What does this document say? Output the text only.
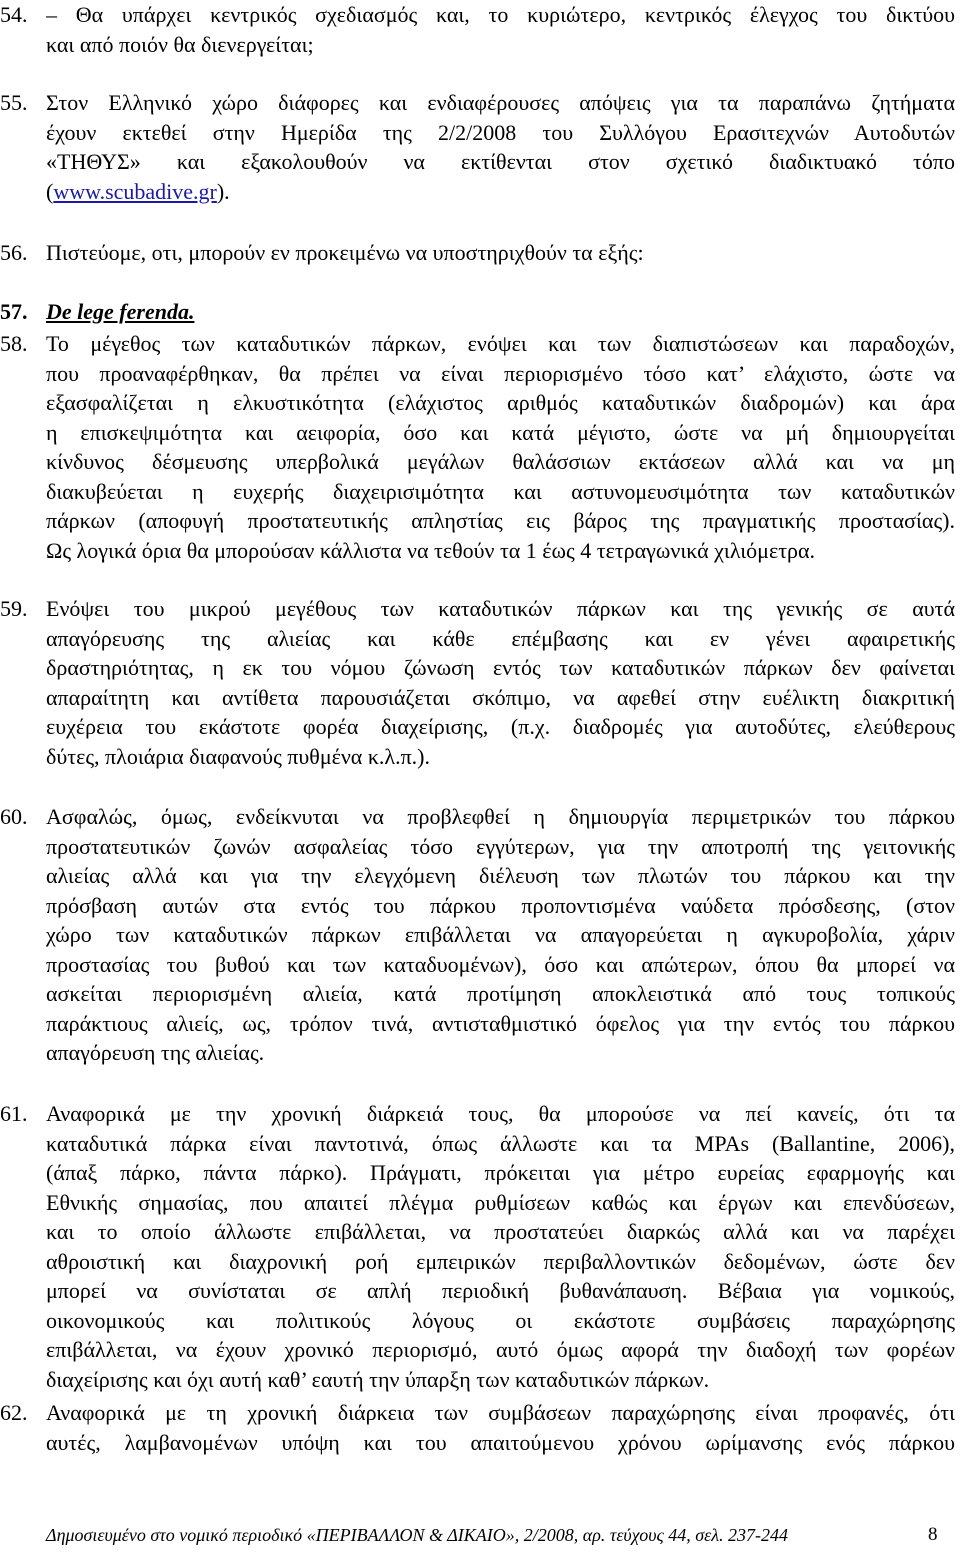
54. – Θα υπάρχει κεντρικός σχεδιασμός και, το κυριώτερο, κεντρικός έλεγχος του δικτύου
και από ποιόν θα διενεργείται;
55. Στον Ελληνικό χώρο διάφορες και ενδιαφέρουσες απόψεις για τα παραπάνω ζητήματα
έχουν εκτεθεί στην Ημερίδα της 2/2/2008 του Συλλόγου Ερασιτεχνών Αυτοδυτών
«ΤΗΘΥΣ» και εξακολουθούν να εκτίθενται στον σχετικό διαδικτυακό τόπο
(www.scubadive.gr).
56. Πιστεύομε, οτι, μπορούν εν προκειμένω να υποστηριχθούν τα εξής:
57. De lege ferenda.
58. Το μέγεθος των καταδυτικών πάρκων, ενόψει και των διαπιστώσεων και παραδοχών,
που προαναφέρθηκαν, θα πρέπει να είναι περιορισμένο τόσο κατ’ ελάχιστο, ώστε να
εξασφαλίζεται η ελκυστικότητα (ελάχιστος αριθμός καταδυτικών διαδρομών) και άρα
η επισκεψιμότητα και αειφορία, όσο και κατά μέγιστο, ώστε να μή δημιουργείται
κίνδυνος δέσμευσης υπερβολικά μεγάλων θαλάσσιων εκτάσεων αλλά και να μη
διακυβεύεται η ευχερής διαχειρισιμότητα και αστυνομευσιμότητα των καταδυτικών
πάρκων (αποφυγή προστατευτικής απληστίας εις βάρος της πραγματικής προστασίας).
Ως λογικά όρια θα μπορούσαν κάλλιστα να τεθούν τα 1 έως 4 τετραγωνικά χιλιόμετρα.
59. Ενόψει του μικρού μεγέθους των καταδυτικών πάρκων και της γενικής σε αυτά
απαγόρευσης της αλιείας και κάθε επέμβασης και εν γένει αφαιρετικής
δραστηριότητας, η εκ του νόμου ζώνωση εντός των καταδυτικών πάρκων δεν φαίνεται
απαραίτητη και αντίθετα παρουσιάζεται σκόπιμο, να αφεθεί στην ευέλικτη διακριτική
ευχέρεια του εκάστοτε φορέα διαχείρισης, (π.χ. διαδρομές για αυτοδύτες, ελεύθερους
δύτες, πλοιάρια διαφανούς πυθμένα κ.λ.π.).
60. Ασφαλώς, όμως, ενδείκνυται να προβλεφθεί η δημιουργία περιμετρικών του πάρκου
προστατευτικών ζωνών ασφαλείας τόσο εγγύτερων, για την αποτροπή της γειτονικής
αλιείας αλλά και για την ελεγχόμενη διέλευση των πλωτών του πάρκου και την
πρόσβαση αυτών στα εντός του πάρκου προποντισμένα ναύδετα πρόσδεσης, (στον
χώρο των καταδυτικών πάρκων επιβάλλεται να απαγορεύεται η αγκυροβολία, χάριν
προστασίας του βυθού και των καταδυομένων), όσο και απώτερων, όπου θα μπορεί να
ασκείται περιορισμένη αλιεία, κατά προτίμηση αποκλειστικά από τους τοπικούς
παράκτιους αλιείς, ως, τρόπον τινά, αντισταθμιστικό όφελος για την εντός του πάρκου
απαγόρευση της αλιείας.
61. Αναφορικά με την χρονική διάρκειά τους, θα μπορούσε να πεί κανείς, ότι τα
καταδυτικά πάρκα είναι παντοτινά, όπως άλλωστε και τα MPAs (Ballantine, 2006),
(άπαξ πάρκο, πάντα πάρκο). Πράγματι, πρόκειται για μέτρο ευρείας εφαρμογής και
Εθνικής σημασίας, που απαιτεί πλέγμα ρυθμίσεων καθώς και έργων και επενδύσεων,
και το οποίο άλλωστε επιβάλλεται, να προστατεύει διαρκώς αλλά και να παρέχει
αθροιστική και διαχρονική ροή εμπειρικών περιβαλλοντικών δεδομένων, ώστε δεν
μπορεί να συνίσταται σε απλή περιοδική βυθανάπαυση. Βέβαια για νομικούς,
οικονομικούς και πολιτικούς λόγους οι εκάστοτε συμβάσεις παραχώρησης
επιβάλλεται, να έχουν χρονικό περιορισμό, αυτό όμως αφορά την διαδοχή των φορέων
διαχείρισης και όχι αυτή καθ’ εαυτή την ύπαρξη των καταδυτικών πάρκων.
62. Αναφορικά με τη χρονική διάρκεια των συμβάσεων παραχώρησης είναι προφανές, ότι
αυτές, λαμβανομένων υπόψη και του απαιτούμενου χρόνου ωρίμανσης ενός πάρκου
Δημοσιευμένο στο νομικό περιοδικό «ΠΕΡΙΒΑΛΛΟΝ & ΔΙΚΑΙΟ», 2/2008, αρ. τεύχους 44, σελ. 237-244	8
